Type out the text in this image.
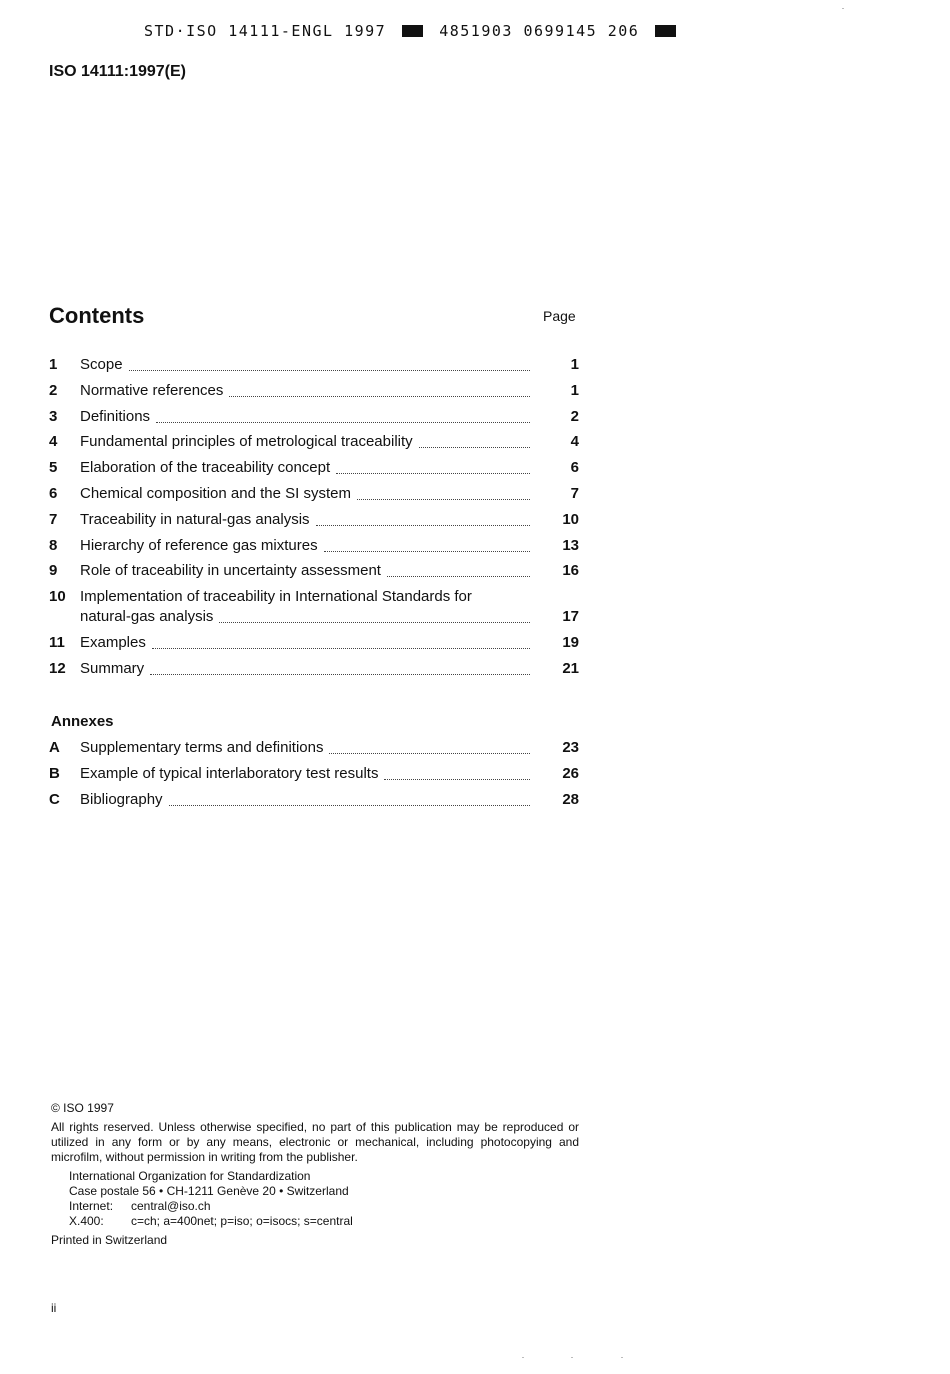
STD·ISO 14111-ENGL 1997	4851903 0699145 206
ISO 14111:1997(E)
Contents	Page
1	Scope	1
2	Normative references	1
3	Definitions	2
4	Fundamental principles of metrological traceability	4
5	Elaboration of the traceability concept	6
6	Chemical composition and the SI system	7
7	Traceability in natural-gas analysis	10
8	Hierarchy of reference gas mixtures	13
9	Role of traceability in uncertainty assessment	16
10 Implementation of traceability in International Standards for
natural-gas analysis	17
11	Examples	19
12 Summary	21
Annexes
A	Supplementary terms and definitions	23
B	Example of typical interlaboratory test results	26
C	Bibliography	28

© ISO 1997

All rights reserved. Unless otherwise specified, no part of this publication may be reproduced or utilized in any form or by any means, electronic or mechanical, including photocopying and microfilm, without permission in writing from the publisher.

International Organization for Standardization
Case postale 56 • CH-1211 Genève 20 • Switzerland
Internet:	central@iso.ch
X.400:	c=ch; a=400net; p=iso; o=isocs; s=central

Printed in Switzerland

ii
